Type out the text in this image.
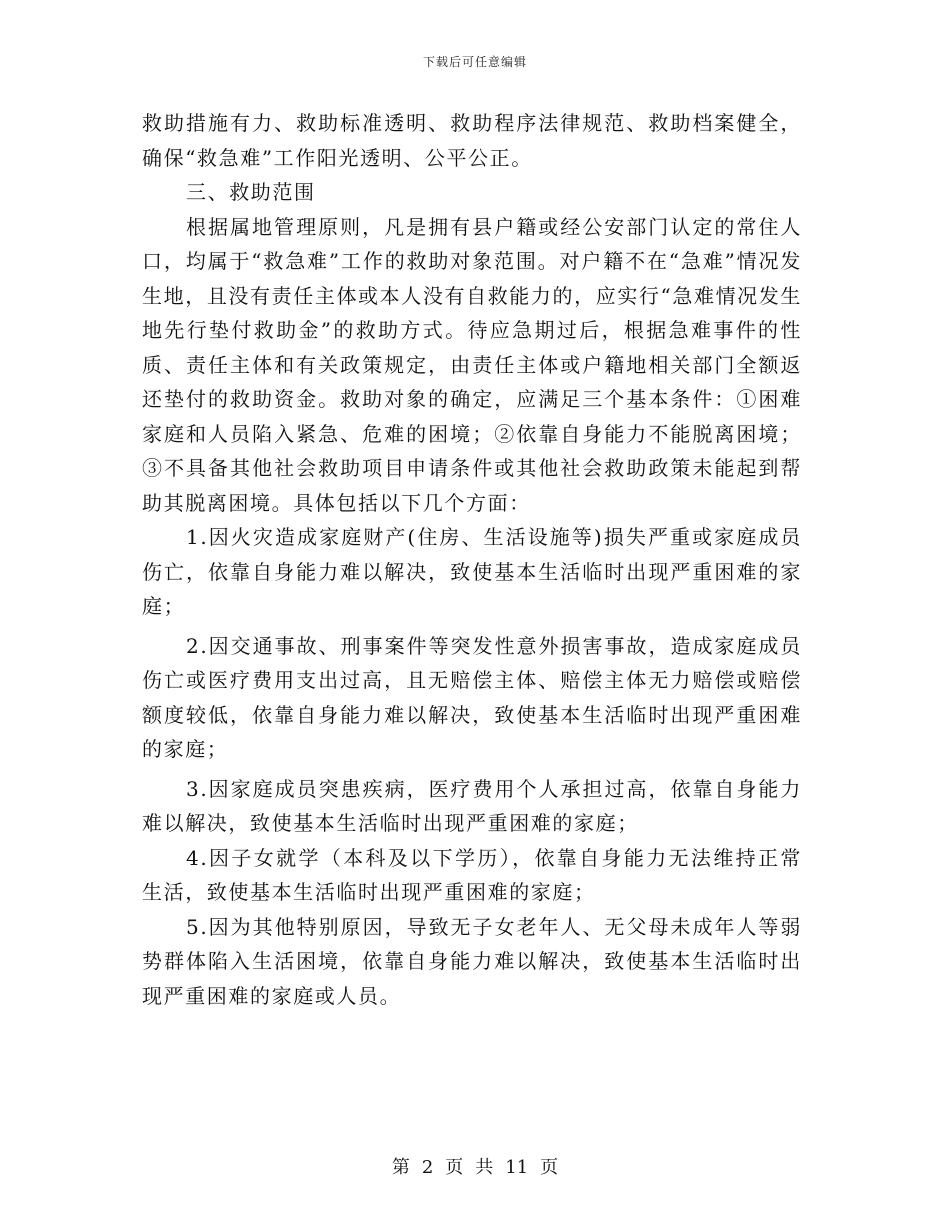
下载后可任意编辑

救助措施有力、救助标准透明、救助程序法律规范、救助档案健全，确保“救急难”工作阳光透明、公平公正。

三、救助范围

根据属地管理原则，凡是拥有县户籍或经公安部门认定的常住人口，均属于“救急难”工作的救助对象范围。对户籍不在“急难”情况发生地，且没有责任主体或本人没有自救能力的，应实行“急难情况发生地先行垫付救助金”的救助方式。待应急期过后，根据急难事件的性质、责任主体和有关政策规定，由责任主体或户籍地相关部门全额返还垫付的救助资金。救助对象的确定，应满足三个基本条件：①困难家庭和人员陷入紧急、危难的困境；②依靠自身能力不能脱离困境；③不具备其他社会救助项目申请条件或其他社会救助政策未能起到帮助其脱离困境。具体包括以下几个方面：

1.因火灾造成家庭财产(住房、生活设施等)损失严重或家庭成员伤亡，依靠自身能力难以解决，致使基本生活临时出现严重困难的家庭；

2.因交通事故、刑事案件等突发性意外损害事故，造成家庭成员伤亡或医疗费用支出过高，且无赔偿主体、赔偿主体无力赔偿或赔偿额度较低，依靠自身能力难以解决，致使基本生活临时出现严重困难的家庭；

3.因家庭成员突患疾病，医疗费用个人承担过高，依靠自身能力难以解决，致使基本生活临时出现严重困难的家庭；

4.因子女就学（本科及以下学历），依靠自身能力无法维持正常生活，致使基本生活临时出现严重困难的家庭；

5.因为其他特别原因，导致无子女老年人、无父母未成年人等弱势群体陷入生活困境，依靠自身能力难以解决，致使基本生活临时出现严重困难的家庭或人员。

第 2 页 共 11 页
